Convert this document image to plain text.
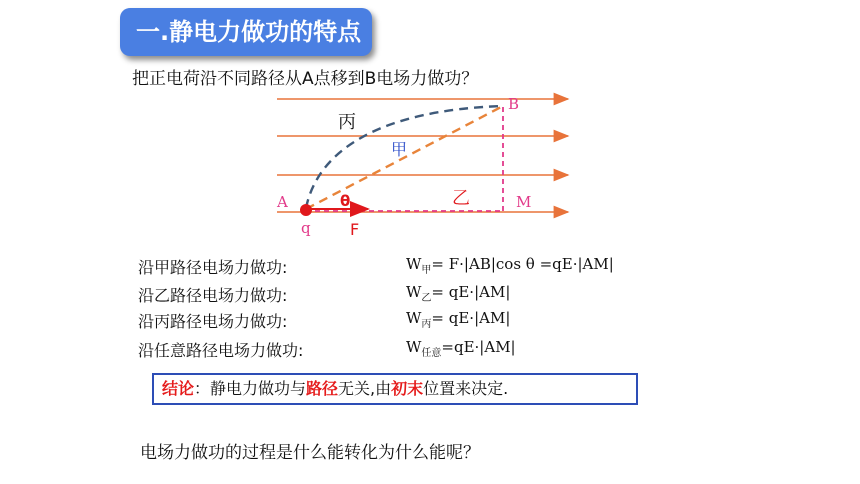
一.静电力做功的特点
把正电荷沿不同路径从A点移到B电场力做功？
A
B
M
q F
θ
丙
甲
乙
沿甲路径电场力做功:	$W_甲= F\cdot|AB|\cos$ θ =qE·|AM|
沿乙路径电场力做功:	$W_乙= qE\cdot|AM|$
沿丙路径电场力做功:	$W_丙= qE\cdot|AM|$
沿任意路径电场力做功:	$W_{任意}=qE\cdot|AM|$
结论：静电力做功与路径无关,由初末位置来决定.
电场力做功的过程是什么能转化为什么能呢？
